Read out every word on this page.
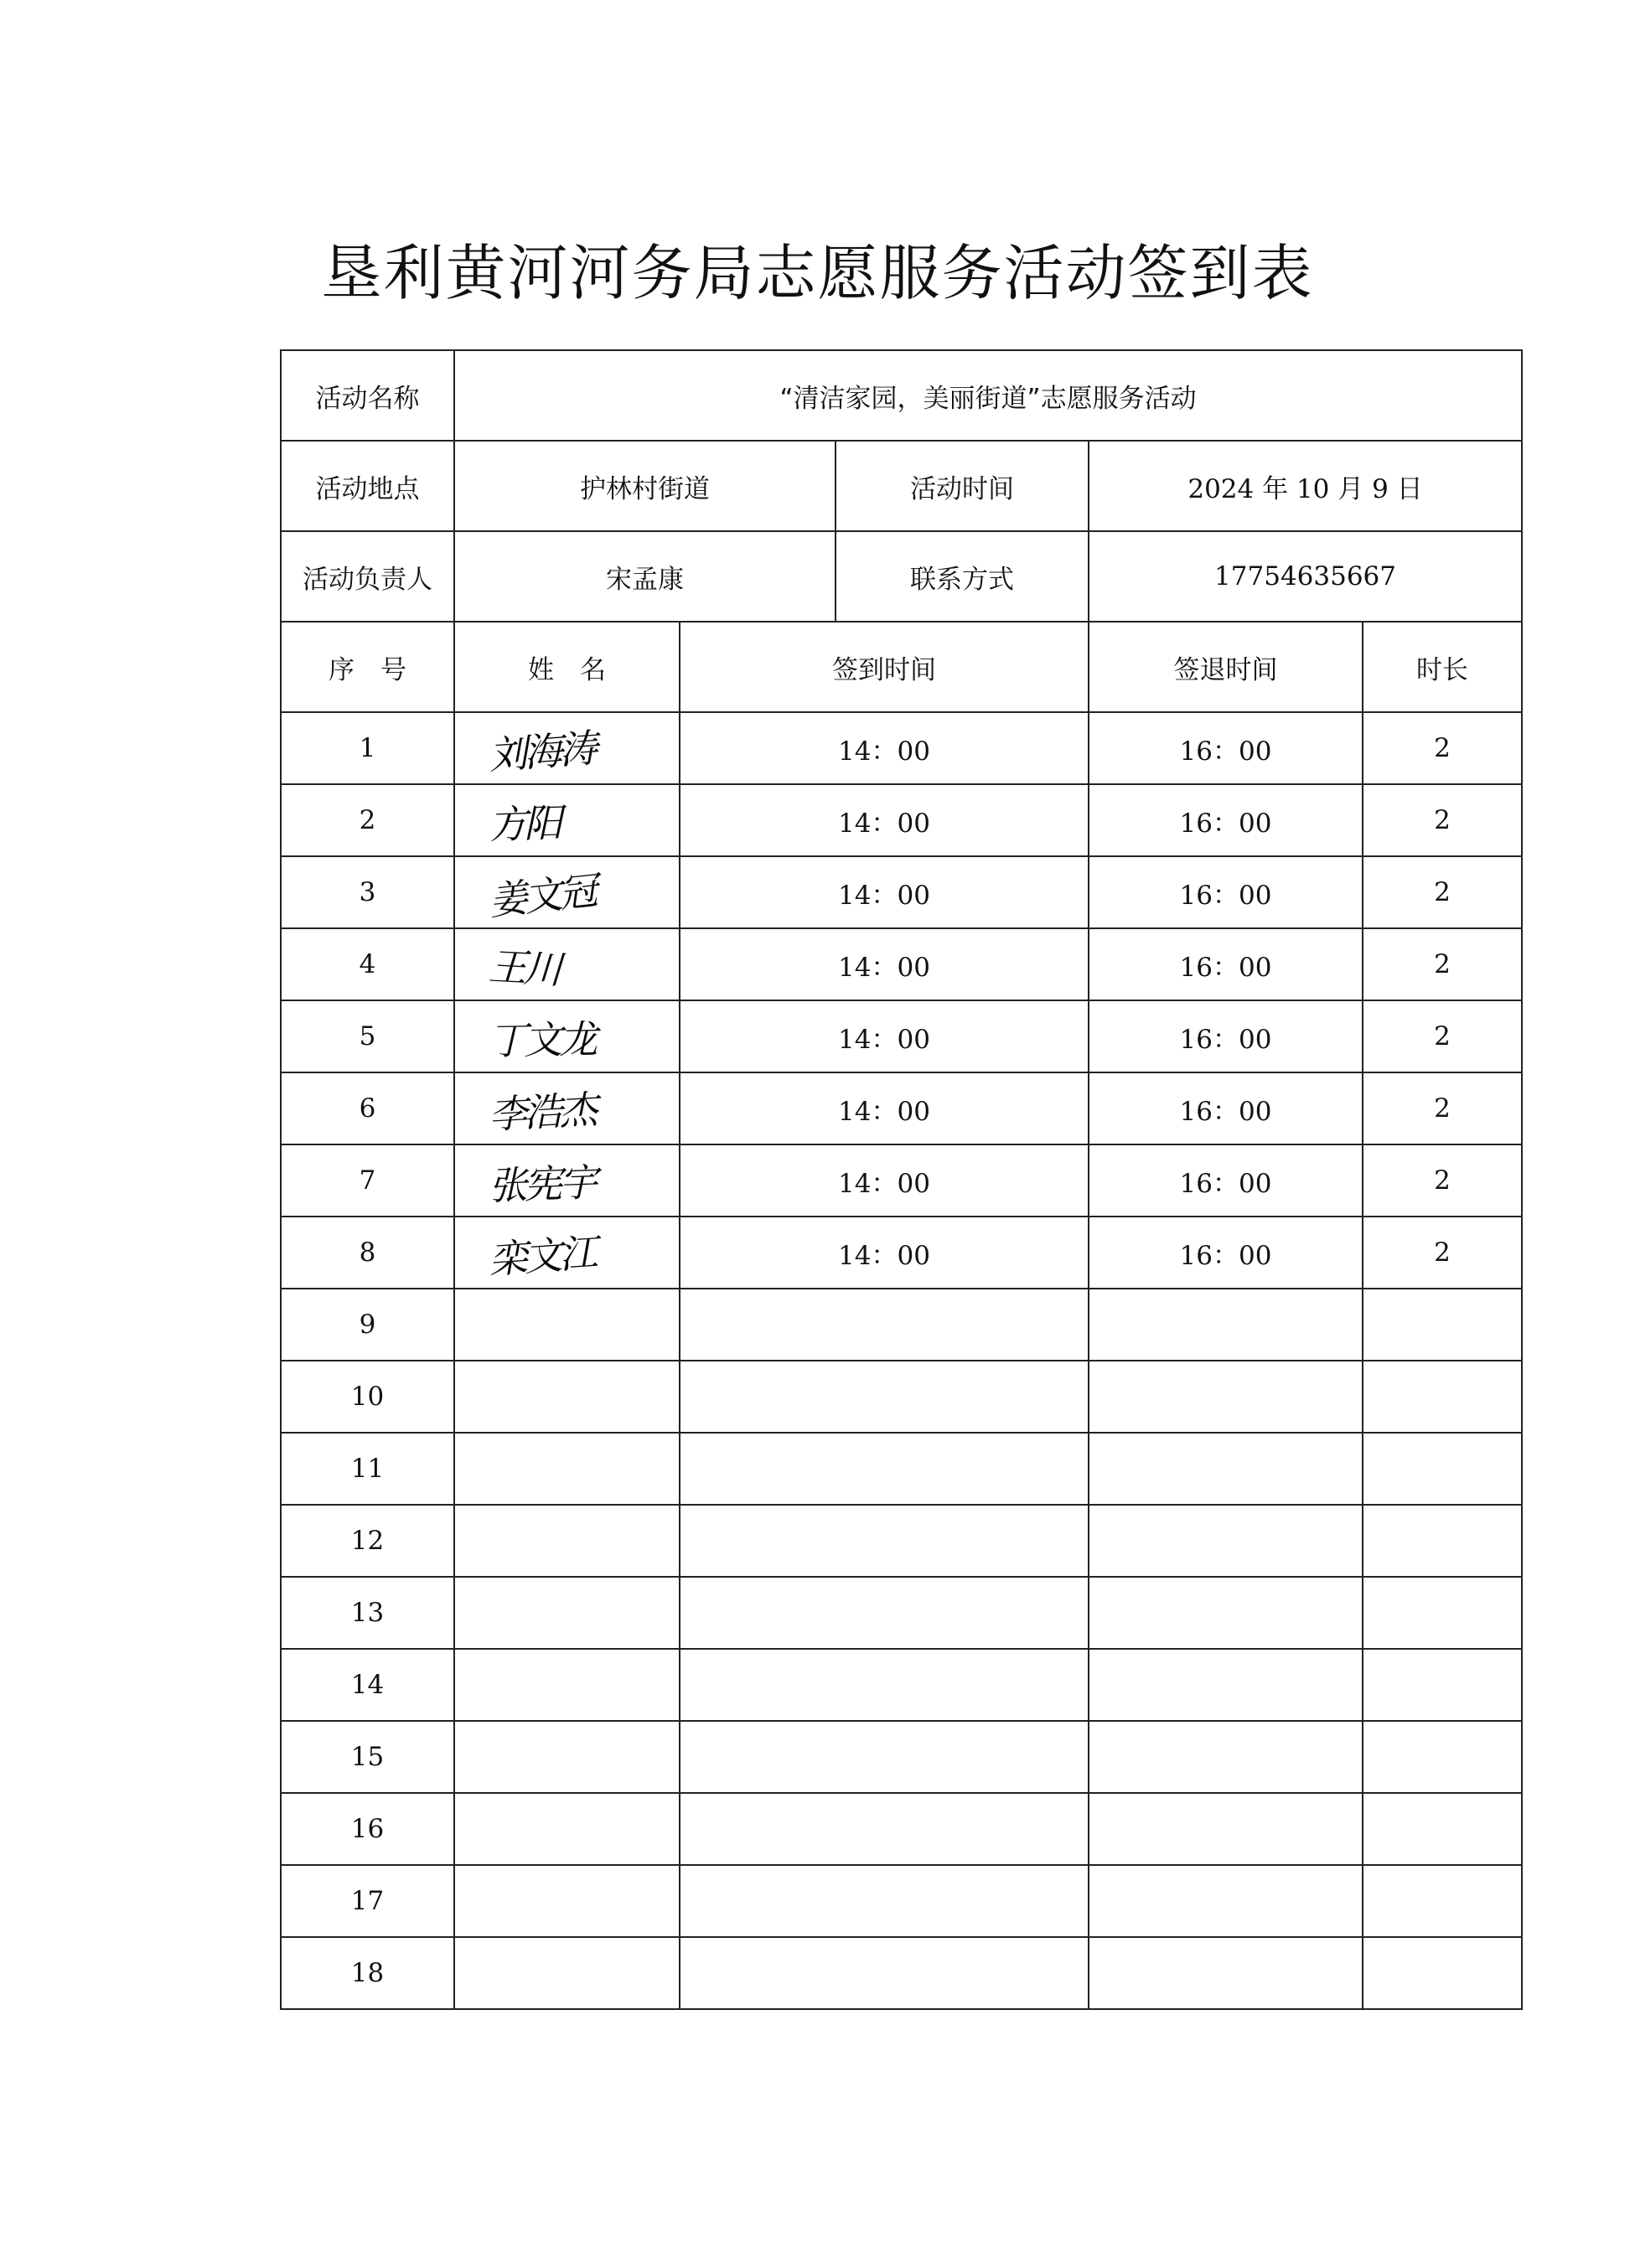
垦利黄河河务局志愿服务活动签到表
活动名称	“清洁家园，美丽街道”志愿服务活动				
活动地点	护林村街道		活动时间	2024 年 10 月 9 日	
活动负责人	宋孟康		联系方式	17754635667	
序　号	姓　名	签到时间		签退时间	时长
1	刘海涛	14：00		16：00	2
2	方阳	14：00		16：00	2
3	姜文冠	14：00		16：00	2
4	王川	14：00		16：00	2
5	丁文龙	14：00		16：00	2
6	李浩杰	14：00		16：00	2
7	张宪宇	14：00		16：00	2
8	栾文江	14：00		16：00	2
9					
10					
11					
12					
13					
14					
15					
16					
17					
18					
